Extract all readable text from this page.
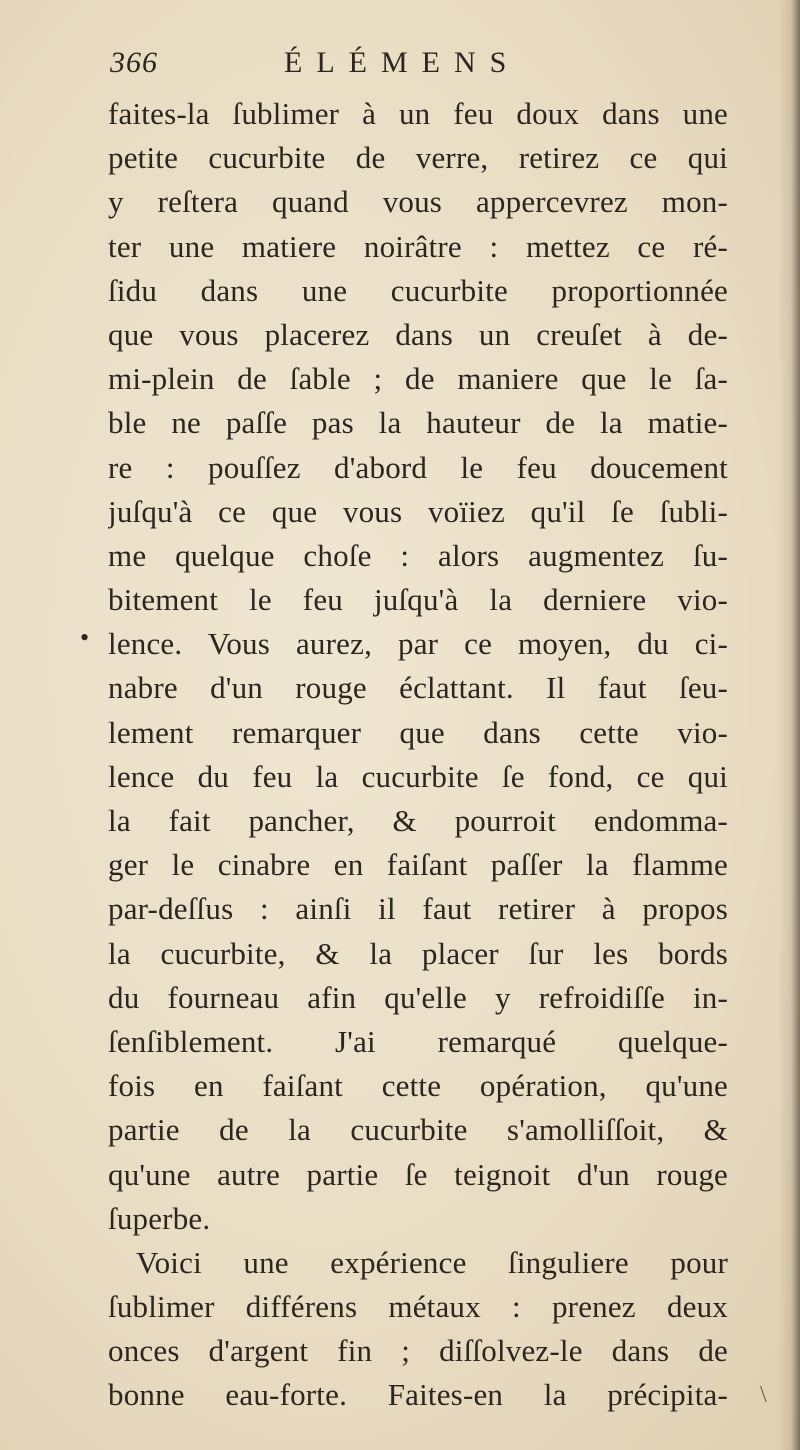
366	ÉLÉMENS
•
faites-la ſublimer à un feu doux dans une
petite cucurbite de verre, retirez ce qui
y reſtera quand vous appercevrez mon-
ter une matiere noirâtre : mettez ce ré-
ſidu dans une cucurbite proportionnée
que vous placerez dans un creuſet à de-
mi-plein de ſable ; de maniere que le ſa-
ble ne paſſe pas la hauteur de la matie-
re : pouſſez d'abord le feu doucement
juſqu'à ce que vous voïiez qu'il ſe ſubli-
me quelque choſe : alors augmentez ſu-
bitement le feu juſqu'à la derniere vio-
lence. Vous aurez, par ce moyen, du ci-
nabre d'un rouge éclattant. Il faut ſeu-
lement remarquer que dans cette vio-
lence du feu la cucurbite ſe fond, ce qui
la fait pancher, & pourroit endomma-
ger le cinabre en faiſant paſſer la flamme
par-deſſus : ainſi il faut retirer à propos
la cucurbite, & la placer ſur les bords
du fourneau afin qu'elle y refroidiſſe in-
ſenſiblement. J'ai remarqué quelque-
fois en faiſant cette opération, qu'une
partie de la cucurbite s'amolliſſoit, &
qu'une autre partie ſe teignoit d'un rouge
ſuperbe.
Voici une expérience ſinguliere pour
ſublimer différens métaux : prenez deux
onces d'argent fin ; diſſolvez-le dans de
bonne eau-forte. Faites-en la précipita- \
